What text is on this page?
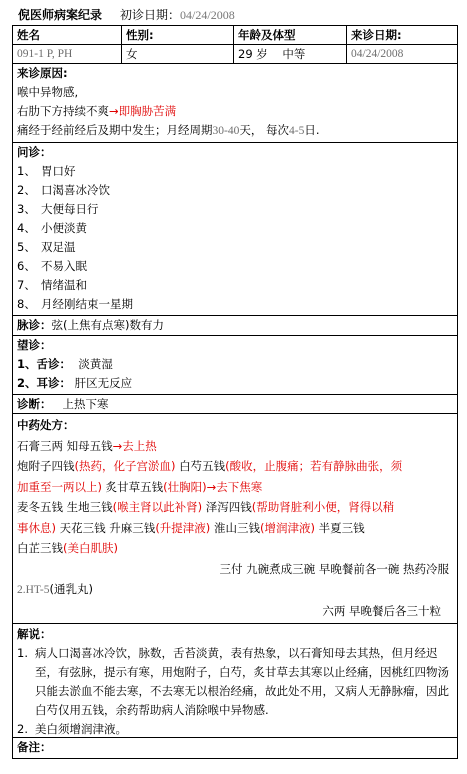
倪医师病案纪录 初诊日期：04/24/2008
姓名	性别:	年龄及体型	来诊日期:
091-1 P, PH	女	29 岁 中等	04/24/2008
来诊原因:
喉中异物感,
右肋下方持续不爽→即胸胁苦满
痛经于经前经后及期中发生；月经周期30-40天， 每次4-5日.
问诊：
1、 胃口好
2、 口渴喜冰冷饮
3、 大便每日行
4、 小便淡黄
5、 双足温
6、 不易入眠
7、 情绪温和
8、 月经刚结束一星期
脉诊：弦(上焦有点寒)数有力
望诊：
1、舌诊： 淡黄湿
2、耳诊： 肝区无反应
诊断： 上热下寒
中药处方：
石膏三两 知母五钱→去上热
炮附子四钱(热药，化子宫淤血) 白芍五钱(酸收，止腹痛；若有静脉曲张，须
加重至一两以上) 炙甘草五钱(壮胸阳)→去下焦寒
麦冬五钱 生地三钱(喉主肾以此补肾) 泽泻四钱(帮助肾脏利小便，肾得以稍
事休息) 天花三钱 升麻三钱(升提津液) 淮山三钱(增润津液) 半夏三钱
白芷三钱(美白肌肤)
三付 九碗煮成三碗 早晚餐前各一碗 热药冷服
2.HT-5(通乳丸)
六两 早晚餐后各三十粒
解说：
1. 病人口渴喜冰冷饮，脉数，舌苔淡黄，表有热象，以石膏知母去其热，但月经迟至，有弦脉，提示有寒，用炮附子，白芍，炙甘草去其寒以止经痛，因桃红四物汤只能去淤血不能去寒，不去寒无以根治经痛，故此处不用，又病人无静脉瘤，因此白芍仅用五钱，余药帮助病人消除喉中异物感.
2. 美白须增润津液。
备注：
